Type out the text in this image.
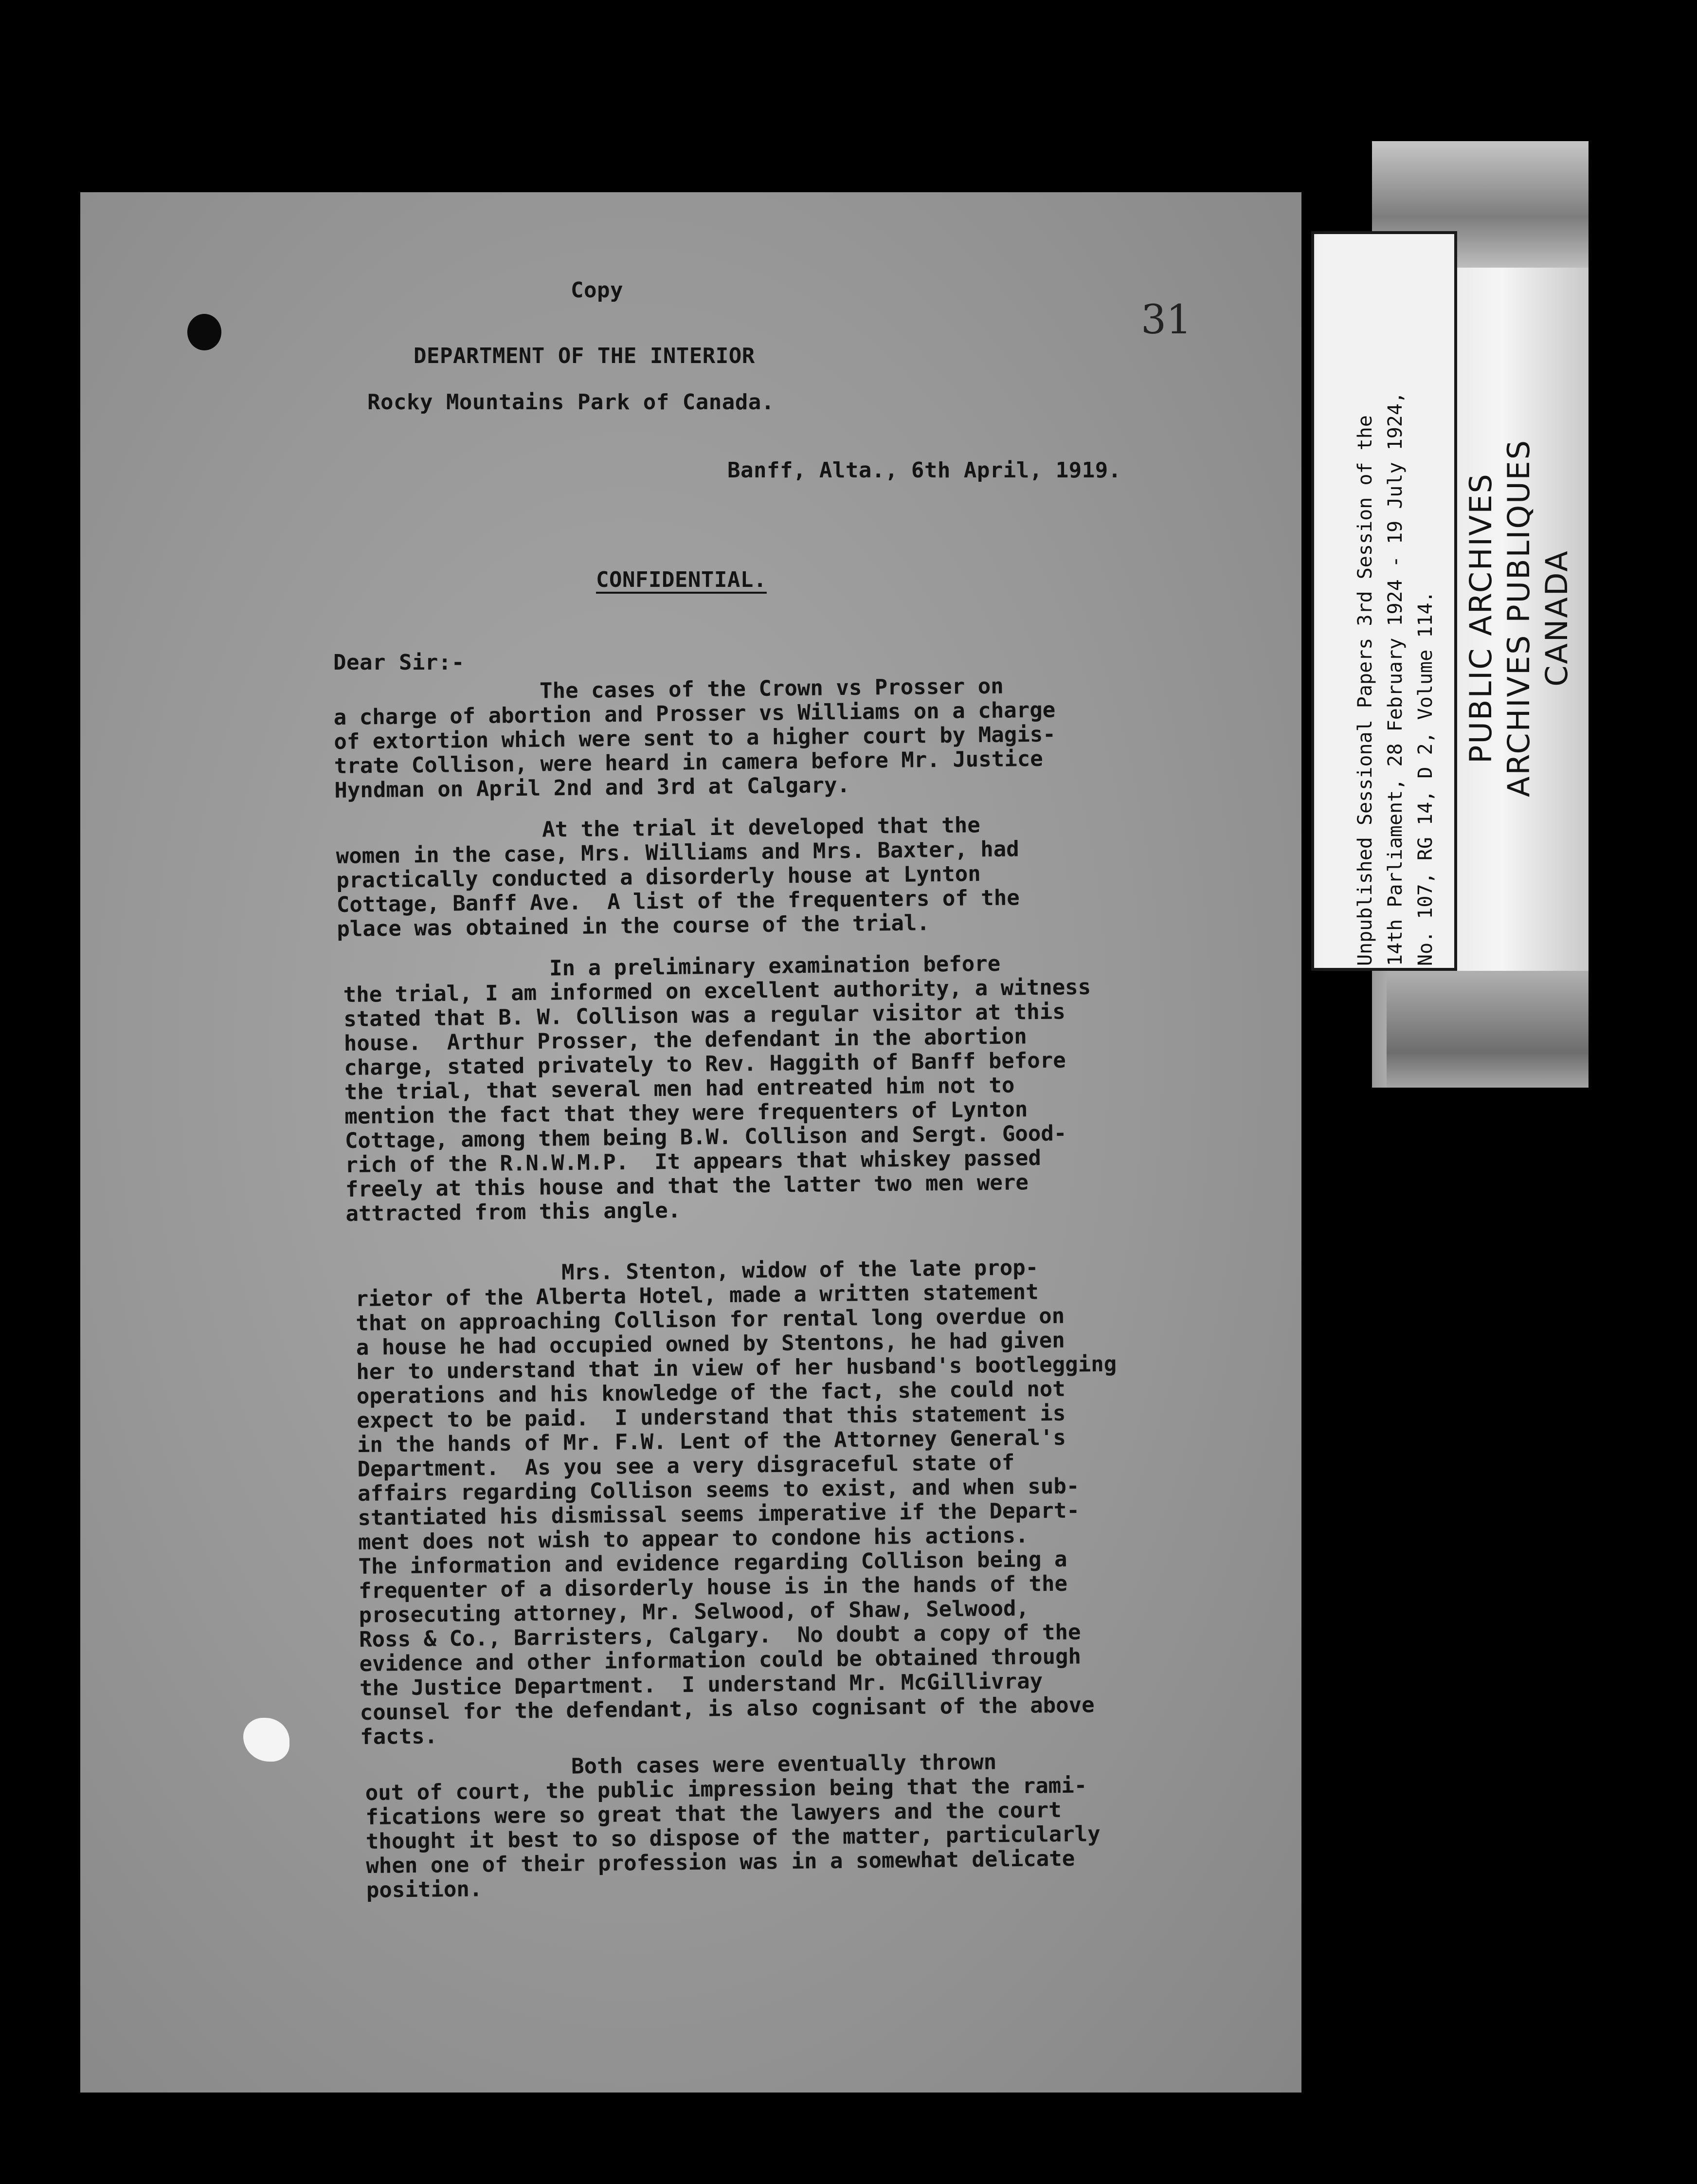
Unpublished Sessional Papers 3rd Session of the 14th Parliament, 28 February 1924 - 19 July 1924, No. 107, RG 14, D 2, Volume 114. PUBLIC ARCHIVES ARCHIVES PUBLIQUES CANADA
Copy
31
DEPARTMENT OF THE INTERIOR
Rocky Mountains Park of Canada.
Banff, Alta., 6th April, 1919.
CONFIDENTIAL.
Dear Sir:-
The cases of the Crown vs Prosser on
a charge of abortion and Prosser vs Williams on a charge
of extortion which were sent to a higher court by Magis-
trate Collison, were heard in camera before Mr. Justice
Hyndman on April 2nd and 3rd at Calgary.
At the trial it developed that the
women in the case, Mrs. Williams and Mrs. Baxter, had
practically conducted a disorderly house at Lynton
Cottage, Banff Ave.  A list of the frequenters of the
place was obtained in the course of the trial.
In a preliminary examination before
the trial, I am informed on excellent authority, a witness
stated that B. W. Collison was a regular visitor at this
house.  Arthur Prosser, the defendant in the abortion
charge, stated privately to Rev. Haggith of Banff before
the trial, that several men had entreated him not to
mention the fact that they were frequenters of Lynton
Cottage, among them being B.W. Collison and Sergt. Good-
rich of the R.N.W.M.P.  It appears that whiskey passed
freely at this house and that the latter two men were
attracted from this angle.
Mrs. Stenton, widow of the late prop-
rietor of the Alberta Hotel, made a written statement
that on approaching Collison for rental long overdue on
a house he had occupied owned by Stentons, he had given
her to understand that in view of her husband's bootlegging
operations and his knowledge of the fact, she could not
expect to be paid.  I understand that this statement is
in the hands of Mr. F.W. Lent of the Attorney General's
Department.  As you see a very disgraceful state of
affairs regarding Collison seems to exist, and when sub-
stantiated his dismissal seems imperative if the Depart-
ment does not wish to appear to condone his actions.
The information and evidence regarding Collison being a
frequenter of a disorderly house is in the hands of the
prosecuting attorney, Mr. Selwood, of Shaw, Selwood,
Ross & Co., Barristers, Calgary.  No doubt a copy of the
evidence and other information could be obtained through
the Justice Department.  I understand Mr. McGillivray
counsel for the defendant, is also cognisant of the above
facts.
Both cases were eventually thrown
out of court, the public impression being that the rami-
fications were so great that the lawyers and the court
thought it best to so dispose of the matter, particularly
when one of their profession was in a somewhat delicate
position.
